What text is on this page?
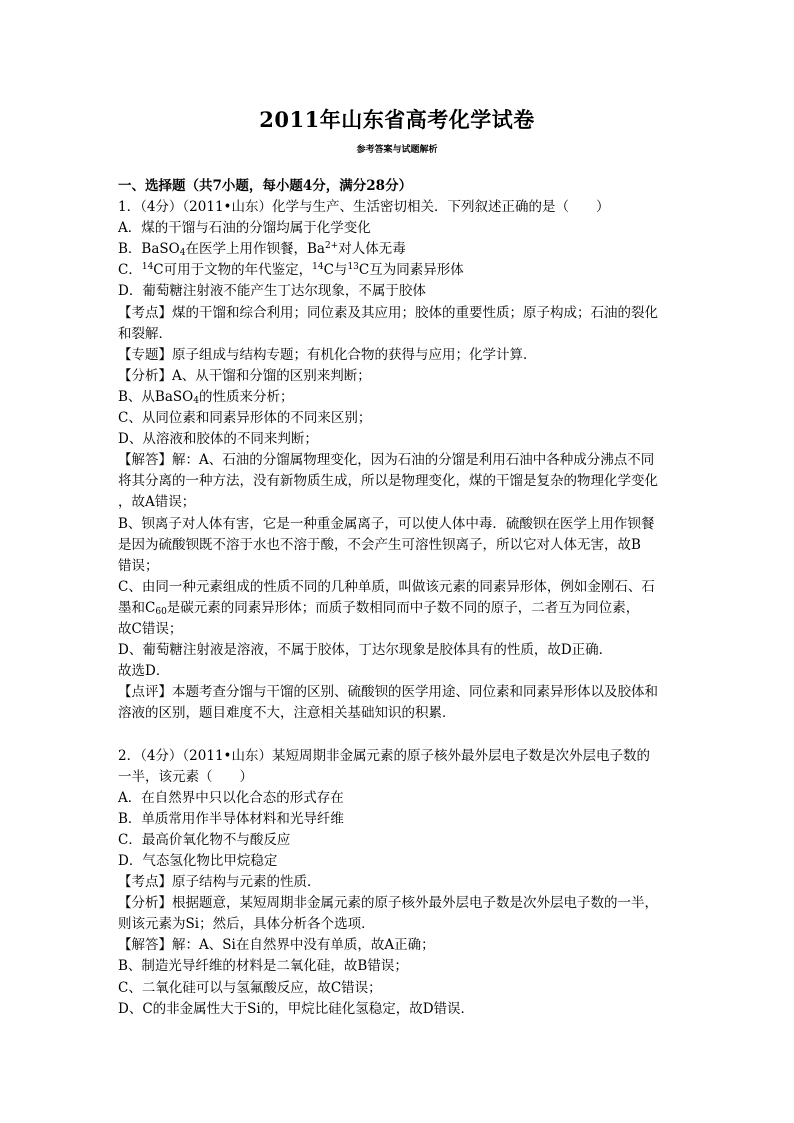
2011年山东省高考化学试卷
参考答案与试题解析
一、选择题（共7小题，每小题4分，满分28分）
1．（4分）（2011•山东）化学与生产、生活密切相关．下列叙述正确的是（　　）
A．煤的干馏与石油的分馏均属于化学变化
B．BaSO$_4$在医学上用作钡餐，$Ba^{2+}$对人体无毒
C．$^{14}$C可用于文物的年代鉴定，$^{14}$C与$^{13}$C互为同素异形体
D．葡萄糖注射液不能产生丁达尔现象，不属于胶体
【考点】煤的干馏和综合利用；同位素及其应用；胶体的重要性质；原子构成；石油的裂化
和裂解．
【专题】原子组成与结构专题；有机化合物的获得与应用；化学计算．
【分析】A、从干馏和分馏的区别来判断；
B、从BaSO$_4$的性质来分析；
C、从同位素和同素异形体的不同来区别；
D、从溶液和胶体的不同来判断；
【解答】解：A、石油的分馏属物理变化，因为石油的分馏是利用石油中各种成分沸点不同
将其分离的一种方法，没有新物质生成，所以是物理变化，煤的干馏是复杂的物理化学变化
，故A错误；
B、钡离子对人体有害，它是一种重金属离子，可以使人体中毒．硫酸钡在医学上用作钡餐
是因为硫酸钡既不溶于水也不溶于酸，不会产生可溶性钡离子，所以它对人体无害，故B
错误；
C、由同一种元素组成的性质不同的几种单质，叫做该元素的同素异形体，例如金刚石、石
墨和$C_{60}$是碳元素的同素异形体；而质子数相同而中子数不同的原子，二者互为同位素，
故C错误；
D、葡萄糖注射液是溶液，不属于胶体，丁达尔现象是胶体具有的性质，故D正确．
故选D．
【点评】本题考查分馏与干馏的区别、硫酸钡的医学用途、同位素和同素异形体以及胶体和
溶液的区别，题目难度不大，注意相关基础知识的积累．
2．（4分）（2011•山东）某短周期非金属元素的原子核外最外层电子数是次外层电子数的
一半，该元素（　　）
A．在自然界中只以化合态的形式存在
B．单质常用作半导体材料和光导纤维
C．最高价氧化物不与酸反应
D．气态氢化物比甲烷稳定
【考点】原子结构与元素的性质．
【分析】根据题意，某短周期非金属元素的原子核外最外层电子数是次外层电子数的一半，
则该元素为Si；然后，具体分析各个选项．
【解答】解：A、Si在自然界中没有单质，故A正确；
B、制造光导纤维的材料是二氧化硅，故B错误；
C、二氧化硅可以与氢氟酸反应，故C错误；
D、C的非金属性大于Si的，甲烷比硅化氢稳定，故D错误．
